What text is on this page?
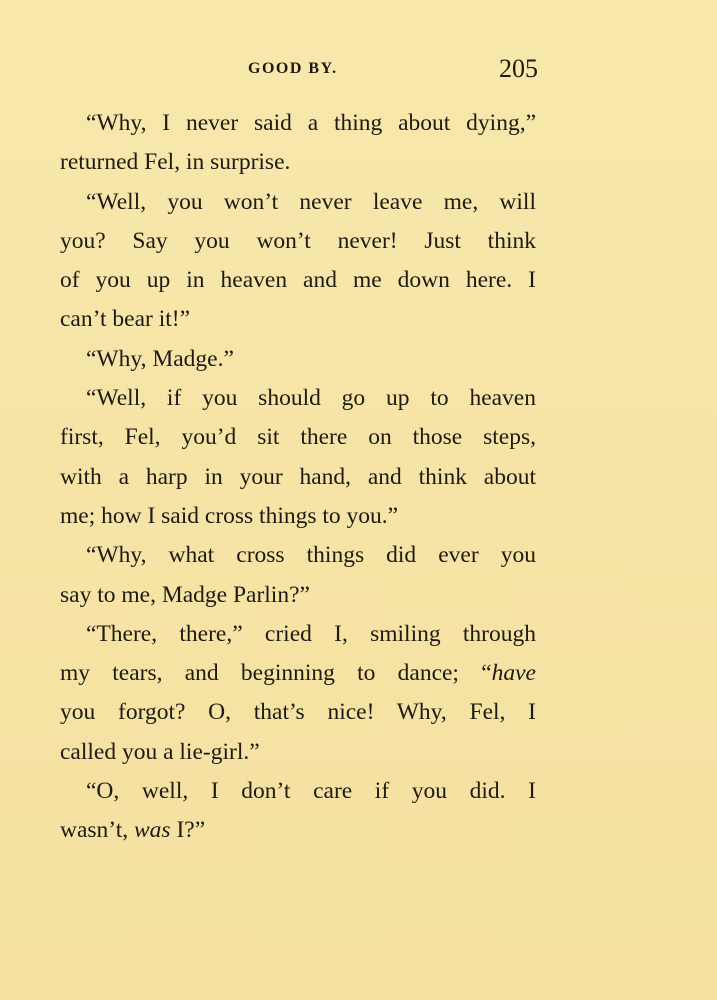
GOOD BY.	205
“Why, I never said a thing about dying,”
returned Fel, in surprise.
“Well, you won’t never leave me, will
you? Say you won’t never! Just think
of you up in heaven and me down here. I
can’t bear it!”
“Why, Madge.”
“Well, if you should go up to heaven
first, Fel, you’d sit there on those steps,
with a harp in your hand, and think about
me; how I said cross things to you.”
“Why, what cross things did ever you
say to me, Madge Parlin?”
“There, there,” cried I, smiling through
my tears, and beginning to dance; “have
you forgot? O, that’s nice! Why, Fel, I
called you a lie-girl.”
“O, well, I don’t care if you did. I
wasn’t, was I?”
